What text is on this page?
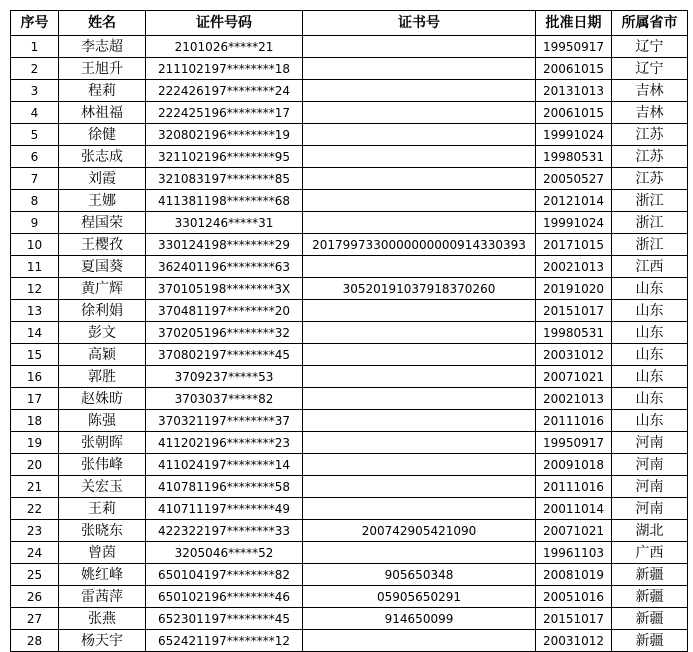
序号	姓名	证件号码	证书号	批准日期	所属省市
1	李志超	2101026*****21		19950917	辽宁
2	王旭升	211102197********18		20061015	辽宁
3	程莉	222426197********24		20131013	吉林
4	林祖福	222425196********17		20061015	吉林
5	徐健	320802196********19		19991024	江苏
6	张志成	321102196********95		19980531	江苏
7	刘霞	321083197********85		20050527	江苏
8	王娜	411381198********68		20121014	浙江
9	程国荣	3301246*****31		19991024	浙江
10	王樱孜	330124198********29	2017997330000000000914330393	20171015	浙江
11	夏国葵	362401196********63		20021013	江西
12	黄广辉	370105198********3X	3052019103791837026​0	20191020	山东
13	徐利娟	370481197********20		20151017	山东
14	彭文	370205196********32		19980531	山东
15	高颖	370802197********45		20031012	山东
16	郭胜	3709237*****53		20071021	山东
17	赵姝昉	3703037*****82		20021013	山东
18	陈强	370321197********37		20111016	山东
19	张朝晖	411202196********23		19950917	河南
20	张伟峰	411024197********14		20091018	河南
21	关宏玉	410781196********58		20111016	河南
22	王莉	410711197********49		20011014	河南
23	张晓东	422322197********33	200742905421090	20071021	湖北
24	曾茵	3205046*****52		19961103	广西
25	姚红峰	650104197********82	905650348	20081019	新疆
26	雷茜萍	650102196********46	05905650291	20051016	新疆
27	张燕	652301197********45	914650099	20151017	新疆
28	杨天宇	652421197********12		20031012	新疆
